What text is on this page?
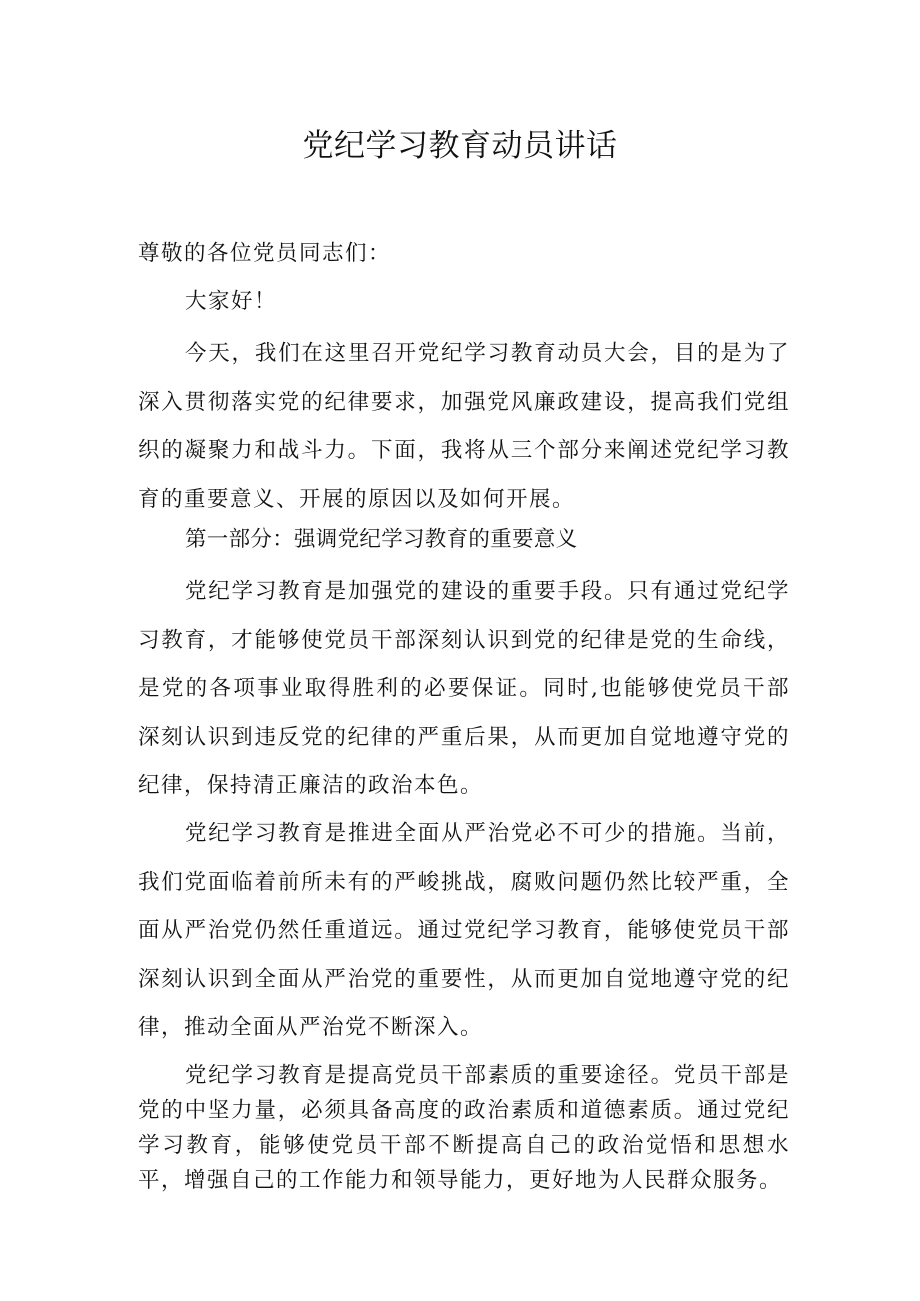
党纪学习教育动员讲话

尊敬的各位党员同志们：

大家好！

今天，我们在这里召开党纪学习教育动员大会，目的是为了深入贯彻落实党的纪律要求，加强党风廉政建设，提高我们党组织的凝聚力和战斗力。下面，我将从三个部分来阐述党纪学习教育的重要意义、开展的原因以及如何开展。

第一部分：强调党纪学习教育的重要意义

党纪学习教育是加强党的建设的重要手段。只有通过党纪学习教育，才能够使党员干部深刻认识到党的纪律是党的生命线，是党的各项事业取得胜利的必要保证。同时,也能够使党员干部深刻认识到违反党的纪律的严重后果，从而更加自觉地遵守党的纪律，保持清正廉洁的政治本色。

党纪学习教育是推进全面从严治党必不可少的措施。当前，我们党面临着前所未有的严峻挑战，腐败问题仍然比较严重，全面从严治党仍然任重道远。通过党纪学习教育，能够使党员干部深刻认识到全面从严治党的重要性，从而更加自觉地遵守党的纪律，推动全面从严治党不断深入。

党纪学习教育是提高党员干部素质的重要途径。党员干部是党的中坚力量，必须具备高度的政治素质和道德素质。通过党纪学习教育，能够使党员干部不断提高自己的政治觉悟和思想水平，增强自己的工作能力和领导能力，更好地为人民群众服务。
